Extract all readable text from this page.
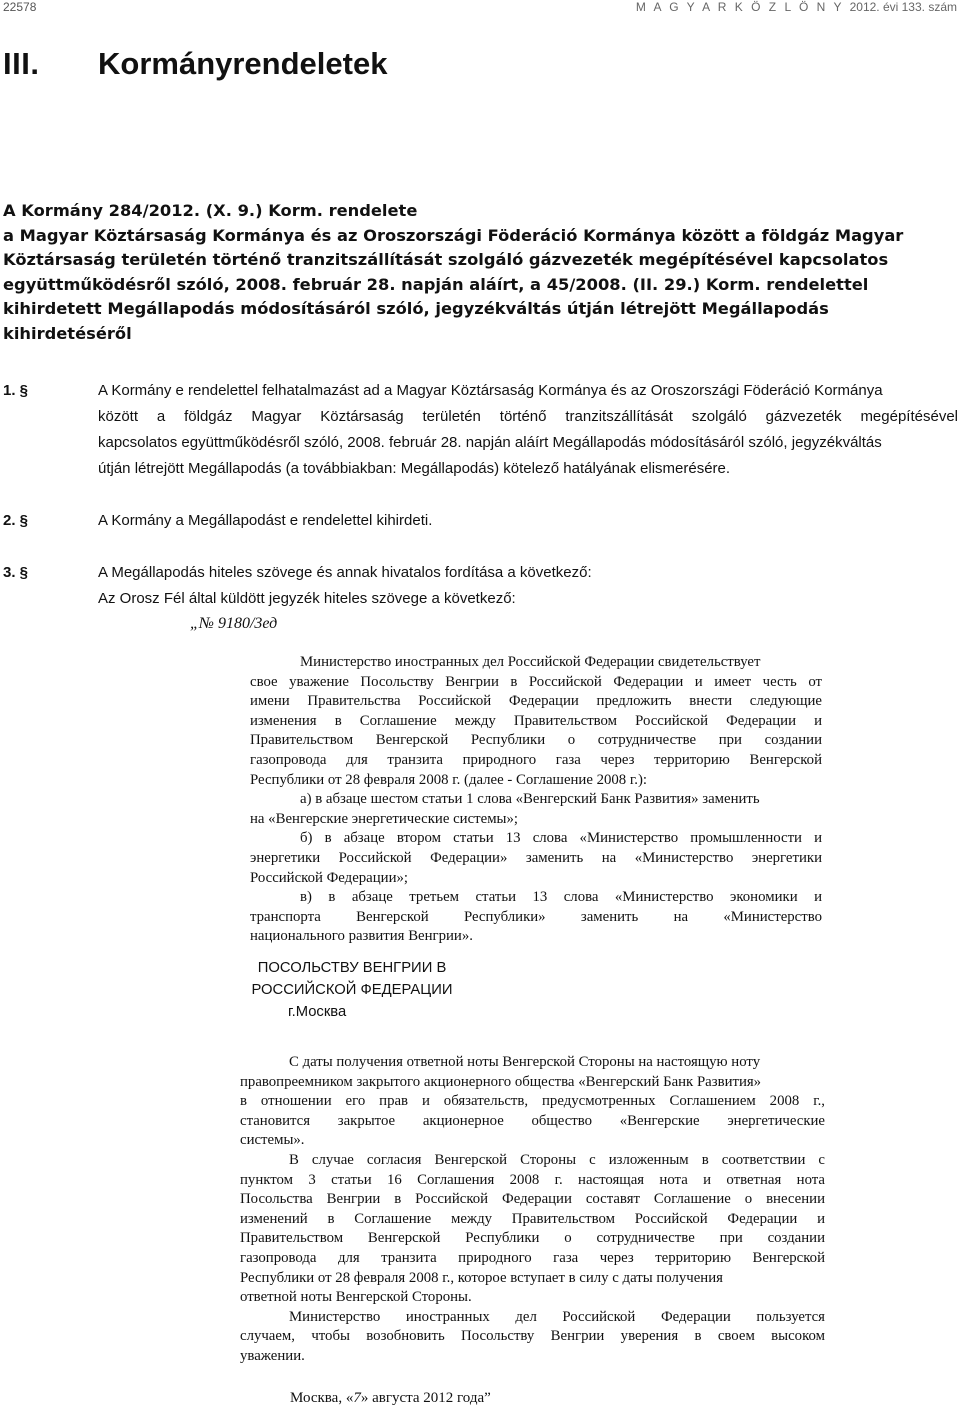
22578	M A G Y A R K Ö Z L Ö N Y 2012. évi 133. szám
III. Kormányrendeletek
A Kormány 284/2012. (X. 9.) Korm. rendelete
a Magyar Köztársaság Kormánya és az Oroszországi Föderáció Kormánya között a földgáz Magyar
Köztársaság területén történő tranzitszállítását szolgáló gázvezeték megépítésével kapcsolatos
együttműködésről szóló, 2008. február 28. napján aláírt, a 45/2008. (II. 29.) Korm. rendelettel
kihirdetett Megállapodás módosításáról szóló, jegyzékváltás útján létrejött Megállapodás
kihirdetéséről
1. §	A Kormány e rendelettel felhatalmazást ad a Magyar Köztársaság Kormánya és az Oroszországi Föderáció Kormánya
között a földgáz Magyar Köztársaság területén történő tranzitszállítását szolgáló gázvezeték megépítésével
kapcsolatos együttműködésről szóló, 2008. február 28. napján aláírt Megállapodás módosításáról szóló, jegyzékváltás
útján létrejött Megállapodás (a továbbiakban: Megállapodás) kötelező hatályának elismerésére.
2. §	A Kormány a Megállapodást e rendelettel kihirdeti.
3. §	A Megállapodás hiteles szövege és annak hivatalos fordítása a következő:
Az Orosz Fél által küldött jegyzék hiteles szövege a következő:
„№ 9180/3ед
Министерство иностранных дел Российской Федерации свидетельствует
свое уважение Посольству Венгрии в Российской Федерации и имеет честь от
имени Правительства Российской Федерации предложить внести следующие
изменения в Соглашение между Правительством Российской Федерации и
Правительством Венгерской Республики о сотрудничестве при создании
газопровода для транзита природного газа через территорию Венгерской
Республики от 28 февраля 2008 г. (далее - Соглашение 2008 г.):
а) в абзаце шестом статьи 1 слова «Венгерский Банк Развития» заменить
на «Венгерские энергетические системы»;
б) в абзаце втором статьи 13 слова «Министерство промышленности и
энергетики Российской Федерации» заменить на «Министерство энергетики
Российской Федерации»;
в) в абзаце третьем статьи 13 слова «Министерство экономики и
транспорта Венгерской Республики» заменить на «Министерство
национального развития Венгрии».
ПОСОЛЬСТВУ ВЕНГРИИ В
РОССИЙСКОЙ ФЕДЕРАЦИИ
г.Москва
С даты получения ответной ноты Венгерской Стороны на настоящую ноту
правопреемником закрытого акционерного общества «Венгерский Банк Развития»
в отношении его прав и обязательств, предусмотренных Соглашением 2008 г.,
становится закрытое акционерное общество «Венгерские энергетические
системы».
В случае согласия Венгерской Стороны с изложенным в соответствии с
пунктом 3 статьи 16 Соглашения 2008 г. настоящая нота и ответная нота
Посольства Венгрии в Российской Федерации составят Соглашение о внесении
изменений в Соглашение между Правительством Российской Федерации и
Правительством Венгерской Республики о сотрудничестве при создании
газопровода для транзита природного газа через территорию Венгерской
Республики от 28 февраля 2008 г., которое вступает в силу с даты получения
ответной ноты Венгерской Стороны.
Министерство иностранных дел Российской Федерации пользуется
случаем, чтобы возобновить Посольству Венгрии уверения в своем высоком
уважении.
Москва, «7» августа 2012 года”
